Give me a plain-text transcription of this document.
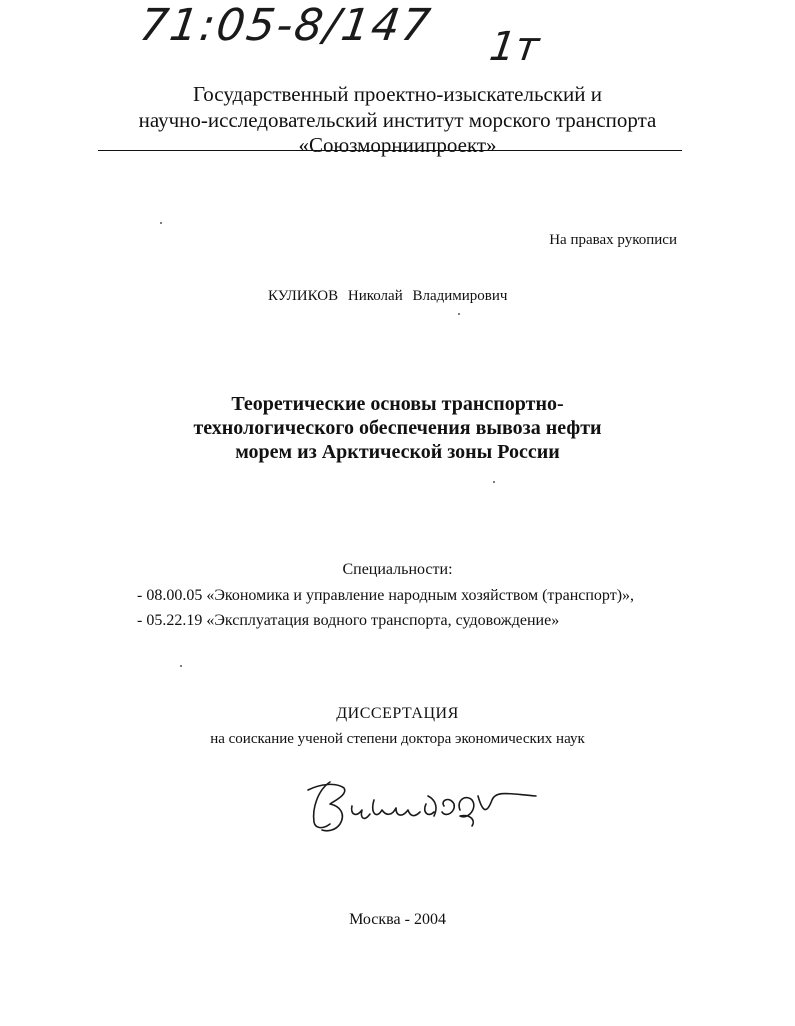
71:05-8/147 1т
Государственный проектно-изыскательский и
научно-исследовательский институт морского транспорта
«Союзморниипроект»
На правах рукописи
КУЛИКОВ Николай Владимирович
Теоретические основы транспортно-
технологического обеспечения вывоза нефти
морем из Арктической зоны России
Специальности:
- 08.00.05 «Экономика и управление народным хозяйством (транспорт)»,
- 05.22.19 «Эксплуатация водного транспорта, судовождение»
ДИССЕРТАЦИЯ
на соискание ученой степени доктора экономических наук
Москва - 2004
